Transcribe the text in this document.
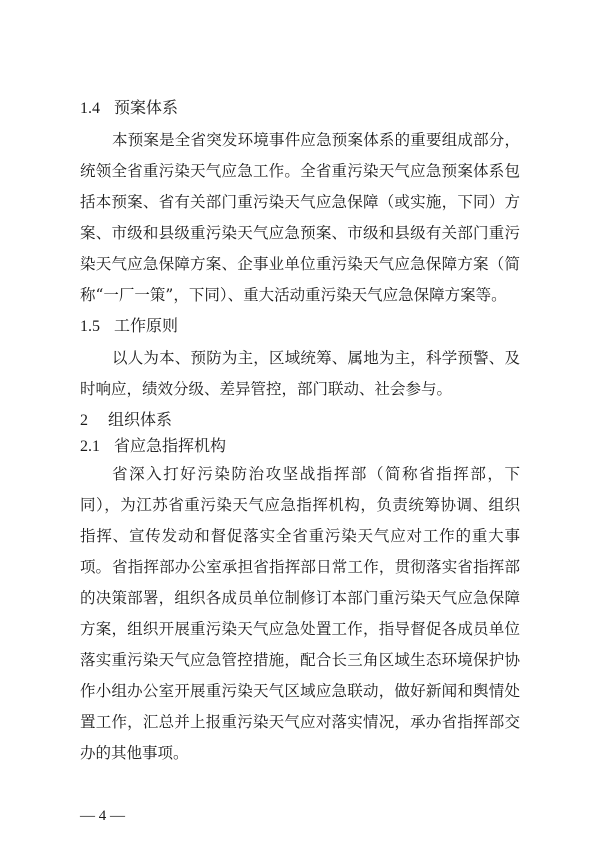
1.4 预案体系

本预案是全省突发环境事件应急预案体系的重要组成部分，统领全省重污染天气应急工作。全省重污染天气应急预案体系包括本预案、省有关部门重污染天气应急保障（或实施，下同）方案、市级和县级重污染天气应急预案、市级和县级有关部门重污染天气应急保障方案、企事业单位重污染天气应急保障方案（简称“一厂一策”，下同）、重大活动重污染天气应急保障方案等。

1.5 工作原则

以人为本、预防为主，区域统筹、属地为主，科学预警、及时响应，绩效分级、差异管控，部门联动、社会参与。

2 组织体系
2.1 省应急指挥机构

省深入打好污染防治攻坚战指挥部（简称省指挥部，下同），为江苏省重污染天气应急指挥机构，负责统筹协调、组织指挥、宣传发动和督促落实全省重污染天气应对工作的重大事项。 省指挥部办公室承担省指挥部日常工作，贯彻落实省指挥部的决策部署，组织各成员单位制修订本部门重污染天气应急保障方案，组织开展重污染天气应急处置工作，指导督促各成员单位落实重污染天气应急管控措施，配合长三角区域生态环境保护协作小组办公室开展重污染天气区域应急联动，做好新闻和舆情处置工作，汇总并上报重污染天气应对落实情况，承办省指挥部交办的其他事项。

— 4 —
